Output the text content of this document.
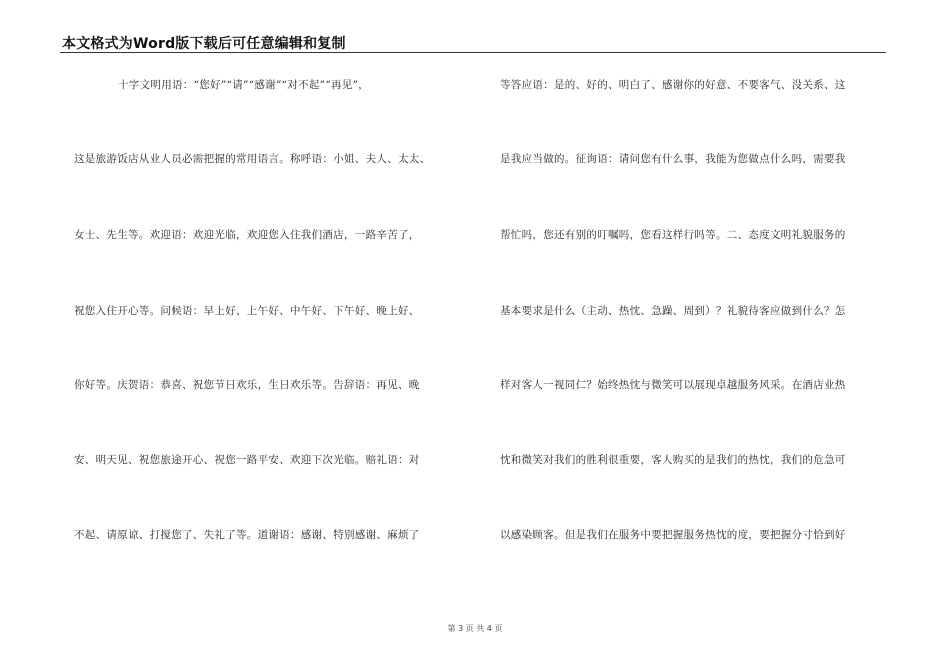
本文格式为Word版下载后可任意编辑和复制
十字文明用语：“您好”“请”“感谢”“对不起”“再见”，
这是旅游饭店从业人员必需把握的常用语言。称呼语：小姐、夫人、太太、
女士、先生等。欢迎语：欢迎光临，欢迎您入住我们酒店，一路辛苦了，
祝您入住开心等。问候语：早上好、上午好、中午好、下午好、晚上好、
你好等。庆贺语：恭喜、祝您节日欢乐，生日欢乐等。告辞语：再见、晚
安、明天见、祝您旅途开心、祝您一路平安、欢迎下次光临。赔礼语：对
不起、请原谅、打搅您了、失礼了等。道谢语：感谢、特别感谢、麻烦了
等答应语：是的、好的、明白了、感谢你的好意、不要客气、没关系、这
是我应当做的。征询语：请问您有什么事，我能为您做点什么吗，需要我
帮忙吗，您还有别的叮嘱吗，您看这样行吗等。二、态度文明礼貌服务的
基本要求是什么（主动、热忱、急躁、周到）？礼貌待客应做到什么？怎
样对客人一视同仁？始终热忱与微笑可以展现卓越服务风采。在酒店业热
忱和微笑对我们的胜利很重要，客人购买的是我们的热忱，我们的危急可
以感染顾客。但是我们在服务中要把握服务热忱的度，要把握分寸恰到好
第 3 页 共 4 页
